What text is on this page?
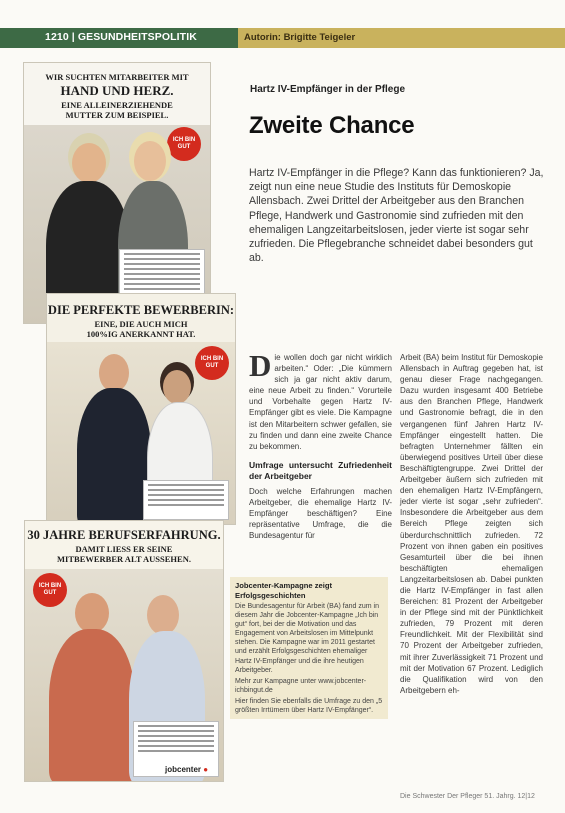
1210 | GESUNDHEITSPOLITIK	Autorin: Brigitte Teigeler
WIR SUCHTEN MITARBEITER MIT
HAND UND HERZ.
EINE ALLEINERZIEHENDE
MUTTER ZUM BEISPIEL.
ICH BIN GUT
DIE PERFEKTE BEWERBERIN:
EINE, DIE AUCH MICH
100%IG ANERKANNT HAT.
ICH BIN GUT
30 JAHRE BERUFSERFAHRUNG.
DAMIT LIESS ER SEINE
MITBEWERBER ALT AUSSEHEN.
ICH BIN GUT
jobcenter ●
Hartz IV-Empfänger in der Pflege
Zweite Chance
Hartz IV-Empfänger in die Pflege? Kann das funktionieren? Ja, zeigt nun eine neue Studie des Instituts für Demoskopie Allensbach. Zwei Drittel der Arbeitgeber aus den Branchen Pflege, Handwerk und Gastronomie sind zufrieden mit den ehemaligen Langzeitarbeitslosen, jeder vierte ist sogar sehr zufrieden. Die Pflegebranche schneidet dabei besonders gut ab.
D ie wollen doch gar nicht wirklich arbeiten.“ Oder: „Die kümmern sich ja gar nicht aktiv darum, eine neue Arbeit zu finden.“ Vorurteile und Vorbehalte gegen Hartz IV-Empfänger gibt es viele. Die Kampagne ist den Mitarbeitern schwer gefallen, sie zu finden und dann eine zweite Chance zu bekommen.
Umfrage untersucht Zufriedenheit der Arbeitgeber
Doch welche Erfahrungen machen Arbeitgeber, die ehemalige Hartz IV-Empfänger beschäftigen? Eine repräsentative Umfrage, die die Bundesagentur für
Arbeit (BA) beim Institut für Demoskopie Allensbach in Auftrag gegeben hat, ist genau dieser Frage nachgegangen. Dazu wurden insgesamt 400 Betriebe aus den Branchen Pflege, Handwerk und Gastronomie befragt, die in den vergangenen fünf Jahren Hartz IV-Empfänger eingestellt hatten. Die befragten Unternehmer fällten ein überwiegend positives Urteil über diese Beschäftigtengruppe. Zwei Drittel der Arbeitgeber äußern sich zufrieden mit den ehemaligen Hartz IV-Empfängern, jeder vierte ist sogar „sehr zufrieden“. Insbesondere die Arbeitgeber aus dem Bereich Pflege zeigten sich überdurchschnittlich zufrieden. 72 Prozent von ihnen gaben ein positives Gesamturteil über die bei ihnen beschäftigten ehemaligen Langzeitarbeitslosen ab. Dabei punkten die Hartz IV-Empfänger in fast allen Bereichen: 81 Prozent der Arbeitgeber in der Pflege sind mit der Pünktlichkeit zufrieden, 79 Prozent mit deren Freundlichkeit. Mit der Flexibilität sind 70 Prozent der Arbeitgeber zufrieden, mit ihrer Zuverlässigkeit 71 Prozent und mit der Motivation 67 Prozent. Lediglich die Qualifikation wird von den Arbeitgebern eh-
Jobcenter-Kampagne zeigt Erfolgsgeschichten

Die Bundesagentur für Arbeit (BA) fand zum in diesem Jahr die Jobcenter-Kampagne „Ich bin gut“ fort, bei der die Motivation und das Engagement von Arbeitslosen im Mittelpunkt stehen. Die Kampagne war im 2011 gestartet und erzählt Erfolgsgeschichten ehemaliger Hartz IV-Empfänger und die ihre heutigen Arbeitgeber.

Mehr zur Kampagne unter www.jobcenter-ichbingut.de

Hier finden Sie ebenfalls die Umfrage zu den „5 größten Irrtümern über Hartz IV-Empfänger“.

Die Schwester Der Pfleger 51. Jahrg. 12|12
